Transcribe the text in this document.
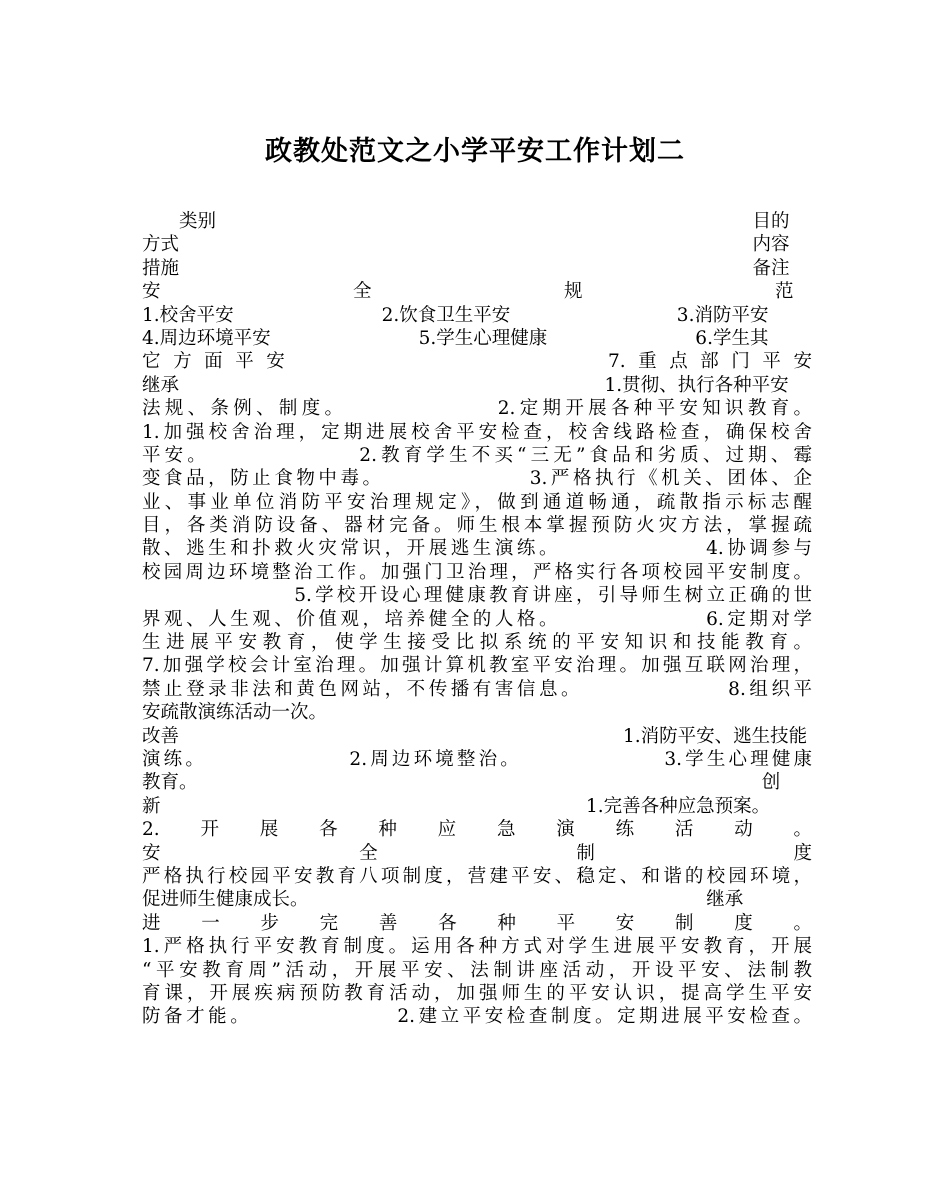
政教处范文之小学平安工作计划二
　　类别　　　　　　　　　　　　　　　　　　　　　　　　　　　　　目的
方式　　　　　　　　　　　　　　　　　　　　　　　　　　　　　　　内容
措施　　　　　　　　　　　　　　　　　　　　　　　　　　　　　　　备注
安　全　规　范　
1.校舍平安　　　　　　　　2.饮食卫生平安　　　　　　　　　3.消防平安
4.周边环境平安　　　　　　　　5.学生心理健康　　　　　　　　6.学生其
它方面平安　　　　　　　　　　7.重点部门平安
继承　　　　　　　　　　　　　　　　　　　　　　　1.贯彻、执行各种平安
法规、条例、制度。　　　　　　　2.定期开展各种平安知识教育。
1.加强校舍治理，定期进展校舍平安检查，校舍线路检查，确保校舍
平安。　　　　　　　2.教育学生不买“三无”食品和劣质、过期、霉
变食品，防止食物中毒。　　　　　　　3.严格执行《机关、团体、企
业、事业单位消防平安治理规定》，做到通道畅通，疏散指示标志醒
目，各类消防设备、器材完备。师生根本掌握预防火灾方法，掌握疏
散、逃生和扑救火灾常识，开展逃生演练。　　　　　　　4.协调参与
校园周边环境整治工作。加强门卫治理，严格实行各项校园平安制度。
　　　　　　　5.学校开设心理健康教育讲座，引导师生树立正确的世
界观、人生观、价值观，培养健全的人格。　　　　　　　6.定期对学
生进展平安教育，使学生接受比拟系统的平安知识和技能教育。
7.加强学校会计室治理。加强计算机教室平安治理。加强互联网治理，
禁止登录非法和黄色网站，不传播有害信息。　　　　　　　8.组织平
安疏散演练活动一次。
改善　　　　　　　　　　　　　　　　　　　　　　　　1.消防平安、逃生技能
演练。　　　　　　　2.周边环境整治。　　　　　　　3.学生心理健康
教育。　　　　　　　　　　　　　　　　　　　　　　　　　　　　　　　创
新　　　　　　　　　　　　　　　　　　　　　　　1.完善各种应急预案。
2.　开　展　各　种　应　急　演　练　活　动　。
安　全　制　度
严格执行校园平安教育八项制度，营建平安、稳定、和谐的校园环境，
促进师生健康成长。　　　　　　　　　　　　　　　　　　　　　　继承
进　一　步　完　善　各　种　平　安　制　度　。
1.严格执行平安教育制度。运用各种方式对学生进展平安教育，开展
“平安教育周”活动，开展平安、法制讲座活动，开设平安、法制教
育课，开展疾病预防教育活动，加强师生的平安认识，提高学生平安
防备才能。　　　　　　　2.建立平安检查制度。定期进展平安检查。
